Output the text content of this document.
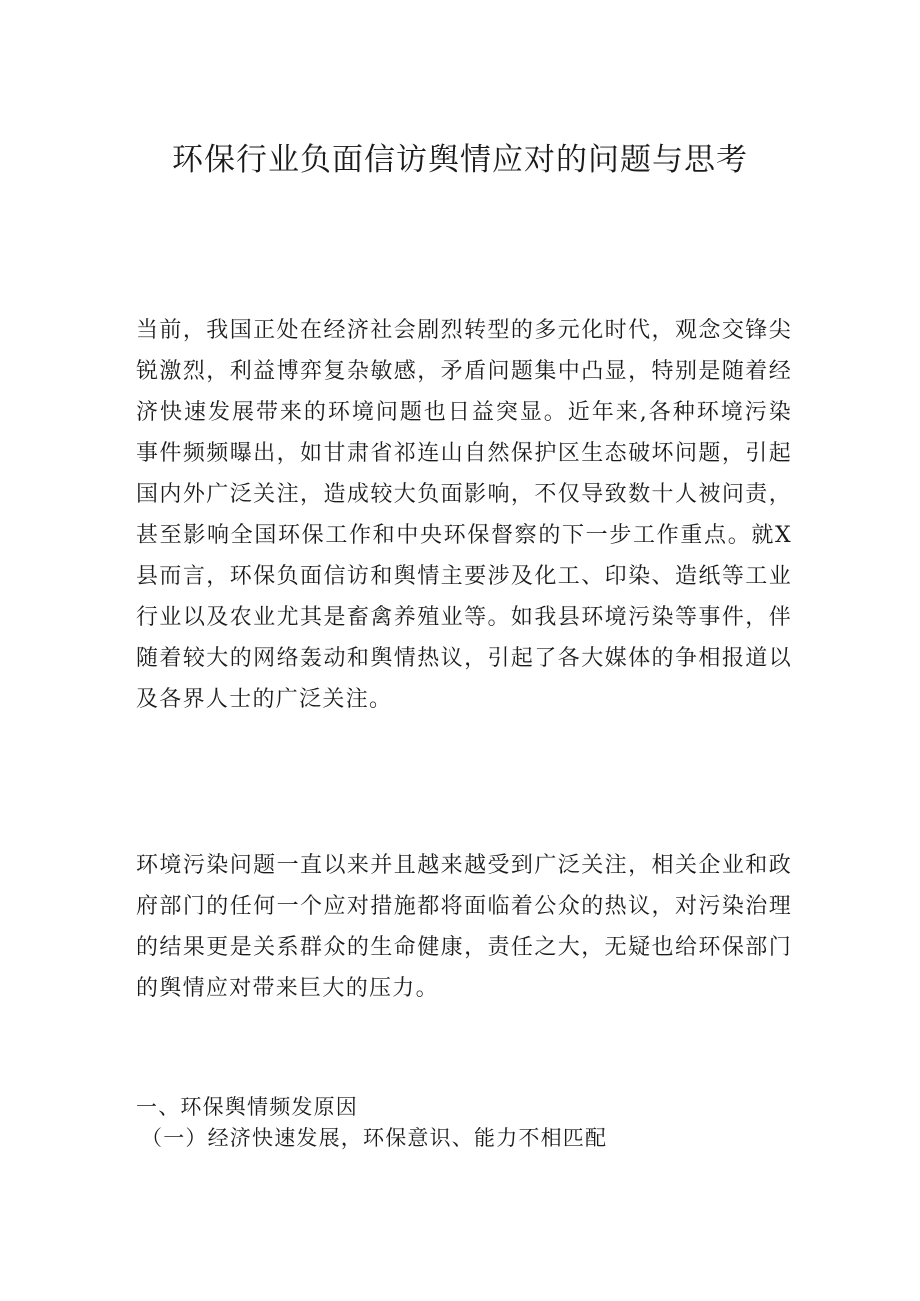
环保行业负面信访舆情应对的问题与思考

当前，我国正处在经济社会剧烈转型的多元化时代，观念交锋尖锐激烈，利益博弈复杂敏感，矛盾问题集中凸显，特别是随着经济快速发展带来的环境问题也日益突显。近年来,各种环境污染事件频频曝出，如甘肃省祁连山自然保护区生态破坏问题，引起国内外广泛关注，造成较大负面影响，不仅导致数十人被问责，甚至影响全国环保工作和中央环保督察的下一步工作重点。就X县而言，环保负面信访和舆情主要涉及化工、印染、造纸等工业行业以及农业尤其是畜禽养殖业等。如我县环境污染等事件，伴随着较大的网络轰动和舆情热议，引起了各大媒体的争相报道以及各界人士的广泛关注。

环境污染问题一直以来并且越来越受到广泛关注，相关企业和政府部门的任何一个应对措施都将面临着公众的热议，对污染治理的结果更是关系群众的生命健康，责任之大，无疑也给环保部门的舆情应对带来巨大的压力。

一、环保舆情频发原因
（一）经济快速发展，环保意识、能力不相匹配
